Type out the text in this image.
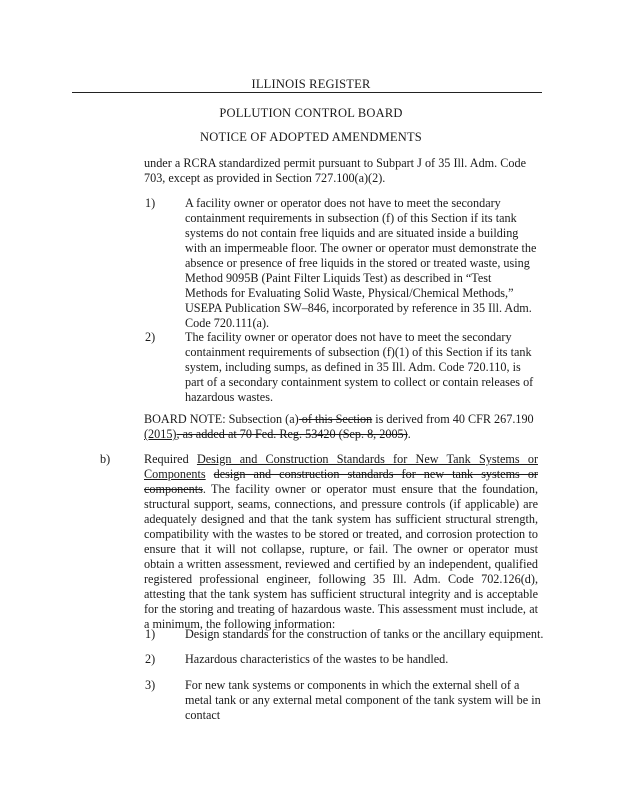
ILLINOIS REGISTER
POLLUTION CONTROL BOARD
NOTICE OF ADOPTED AMENDMENTS
under a RCRA standardized permit pursuant to Subpart J of 35 Ill. Adm. Code 703, except as provided in Section 727.100(a)(2).
1) A facility owner or operator does not have to meet the secondary containment requirements in subsection (f) of this Section if its tank systems do not contain free liquids and are situated inside a building with an impermeable floor. The owner or operator must demonstrate the absence or presence of free liquids in the stored or treated waste, using Method 9095B (Paint Filter Liquids Test) as described in “Test Methods for Evaluating Solid Waste, Physical/Chemical Methods,” USEPA Publication SW–846, incorporated by reference in 35 Ill. Adm. Code 720.111(a).
2) The facility owner or operator does not have to meet the secondary containment requirements of subsection (f)(1) of this Section if its tank system, including sumps, as defined in 35 Ill. Adm. Code 720.110, is part of a secondary containment system to collect or contain releases of hazardous wastes.
BOARD NOTE: Subsection (a) of this Section is derived from 40 CFR 267.190
(2015), as added at 70 Fed. Reg. 53420 (Sep. 8, 2005).
b)	Required Design and Construction Standards for New Tank Systems or Components design and construction standards for new tank systems or components. The facility owner or operator must ensure that the foundation, structural support, seams, connections, and pressure controls (if applicable) are adequately designed and that the tank system has sufficient structural strength, compatibility with the wastes to be stored or treated, and corrosion protection to ensure that it will not collapse, rupture, or fail. The owner or operator must obtain a written assessment, reviewed and certified by an independent, qualified registered professional engineer, following 35 Ill. Adm. Code 702.126(d), attesting that the tank system has sufficient structural integrity and is acceptable for the storing and treating of hazardous waste. This assessment must include, at a minimum, the following information:
1) Design standards for the construction of tanks or the ancillary equipment.
2) Hazardous characteristics of the wastes to be handled.
3) For new tank systems or components in which the external shell of a metal tank or any external metal component of the tank system will be in contact
